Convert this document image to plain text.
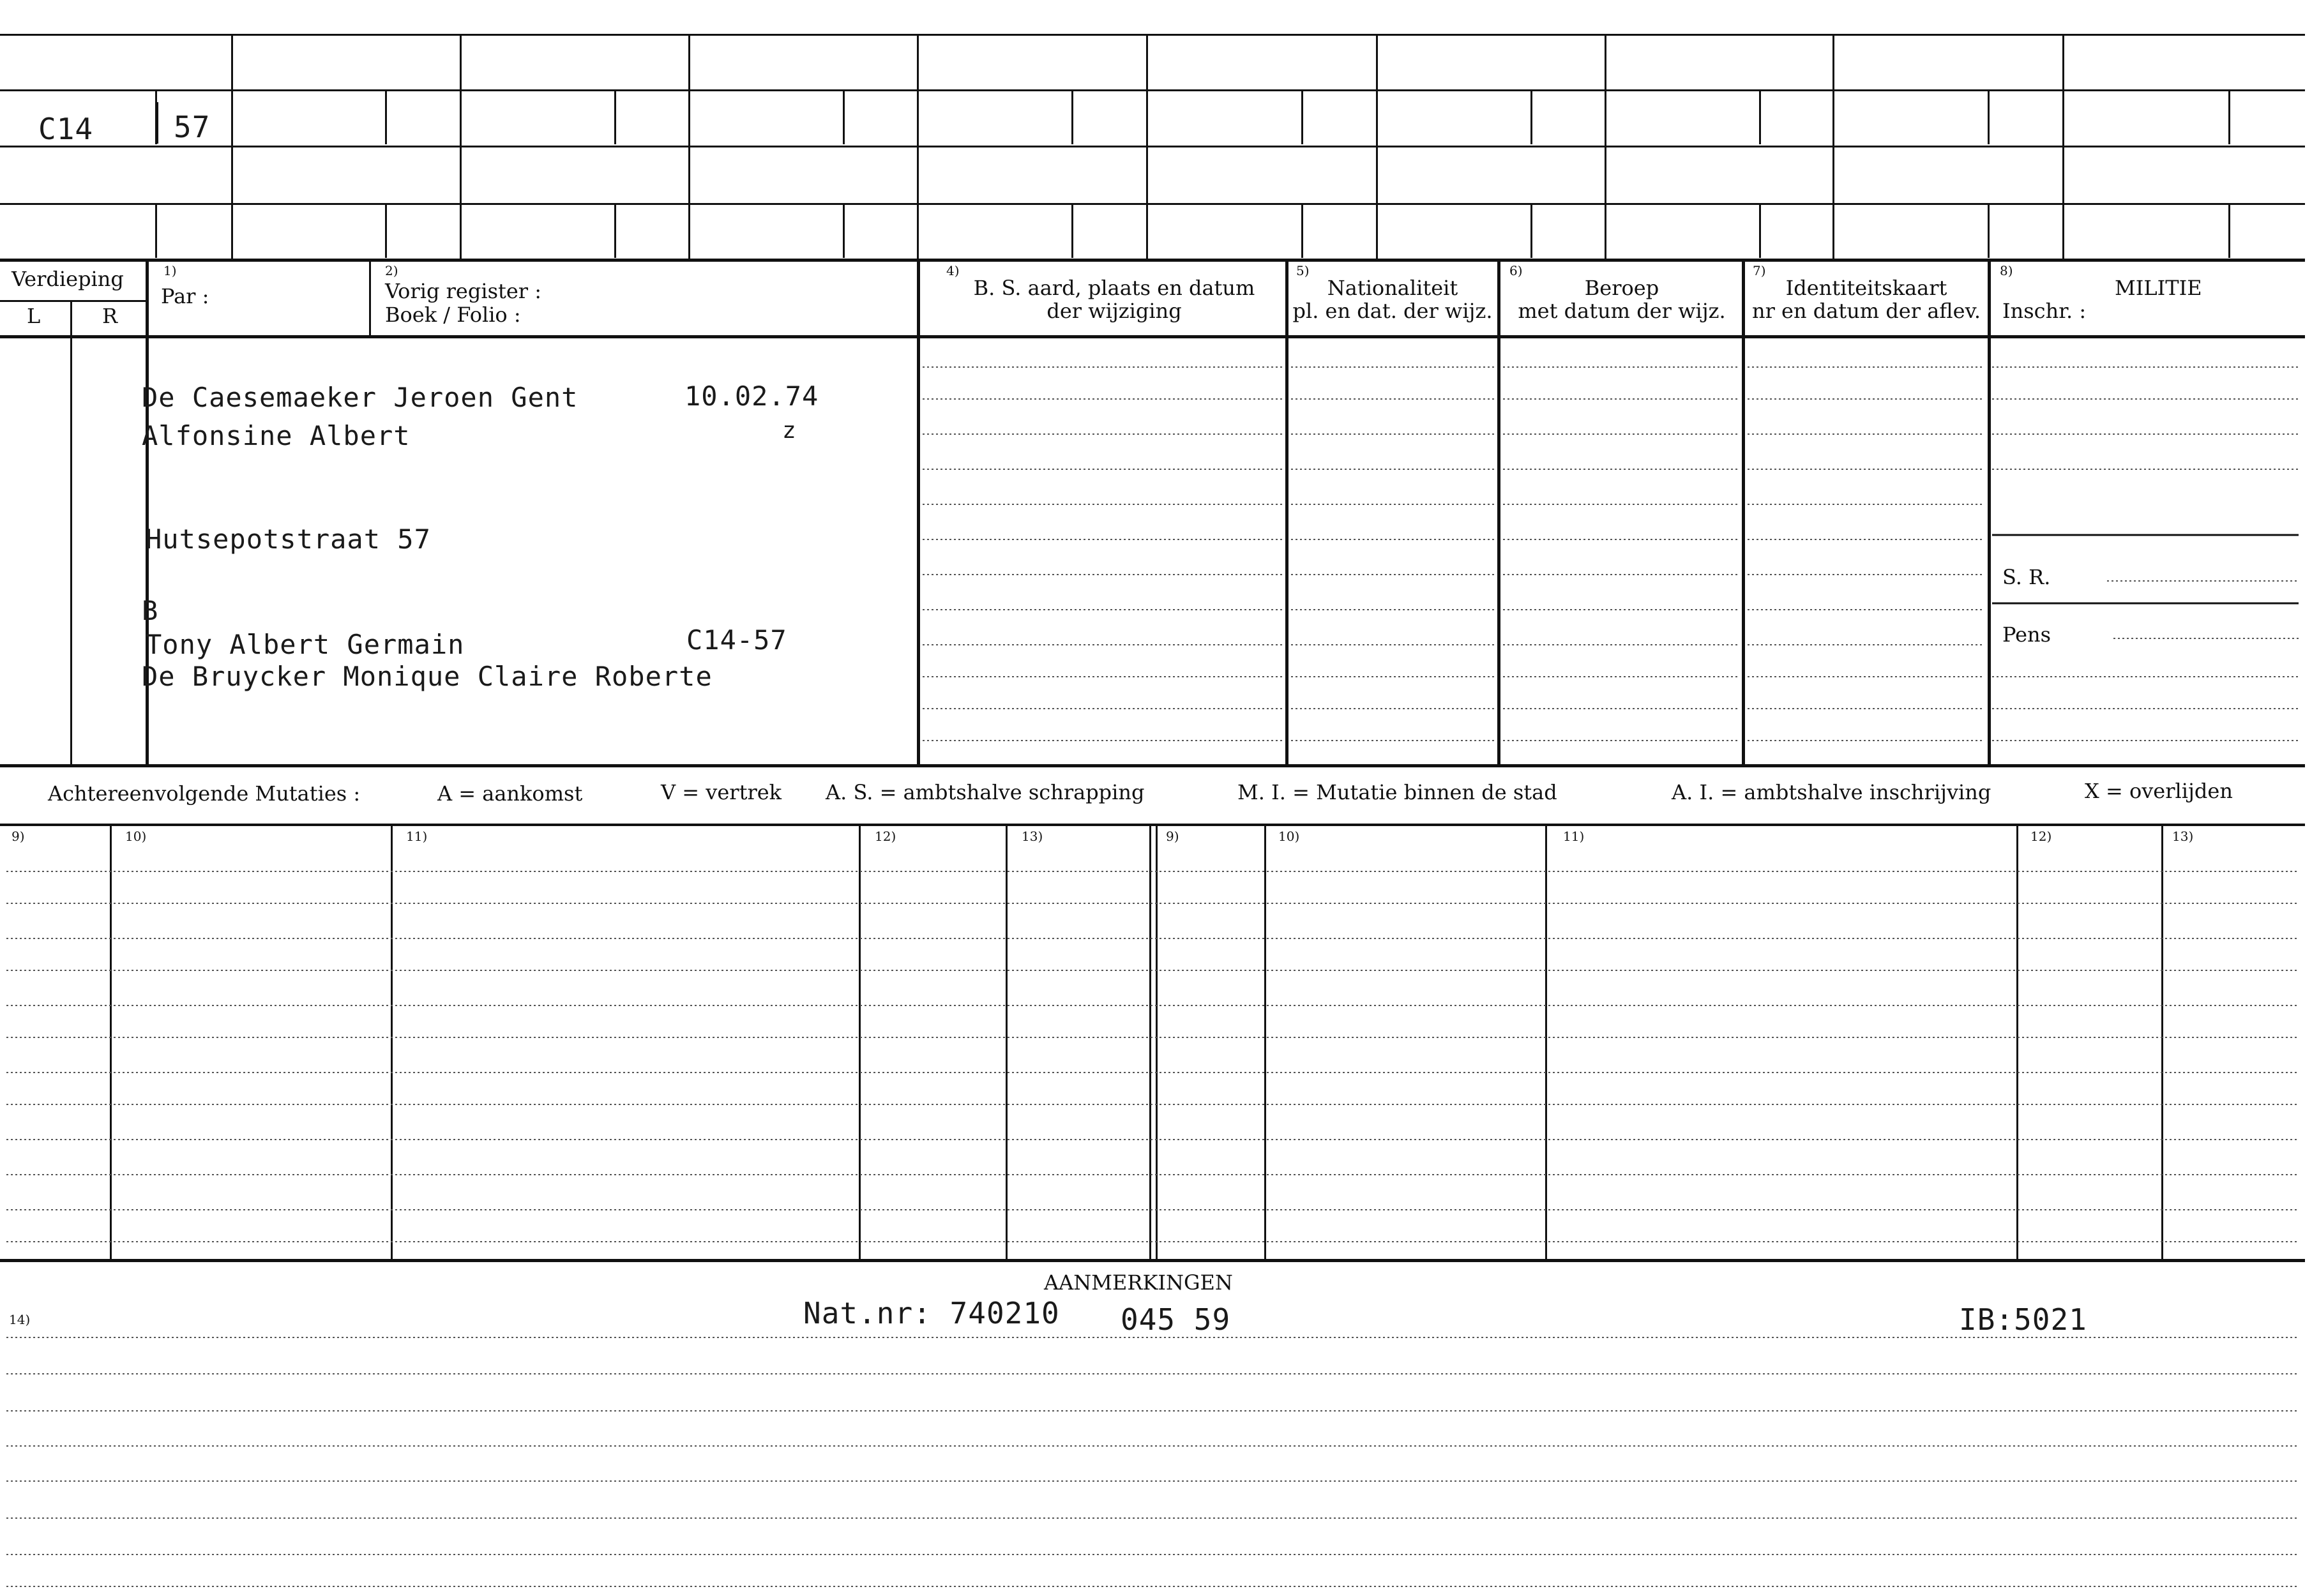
C14	57
Verdieping
L	R
1)
Par :
2)
Vorig register :
Boek / Folio :
4)
B. S. aard, plaats en datum
der wijziging
5)
Nationaliteit
pl. en dat. der wijz.
6)
Beroep
met datum der wijz.
7)
Identiteitskaart
nr en datum der aflev.
8)
MILITIE
Inschr. :
S. R.
Pens
De Caesemaeker Jeroen Gent	10.02.74
Alfonsine Albert	z
Hutsepotstraat 57
B
Tony Albert Germain	C14-57
De Bruycker Monique Claire Roberte
Achtereenvolgende Mutaties :	A = aankomst	V = vertrek A. S. = ambtshalve schrapping	M. I. = Mutatie binnen de stad	A. I. = ambtshalve inschrijving	X = overlijden
9)	10)	11)	12)	13)	9)	10)	11)	12)	13)
AANMERKINGEN
14)	Nat.nr: 740210 045 59	IB:5021
